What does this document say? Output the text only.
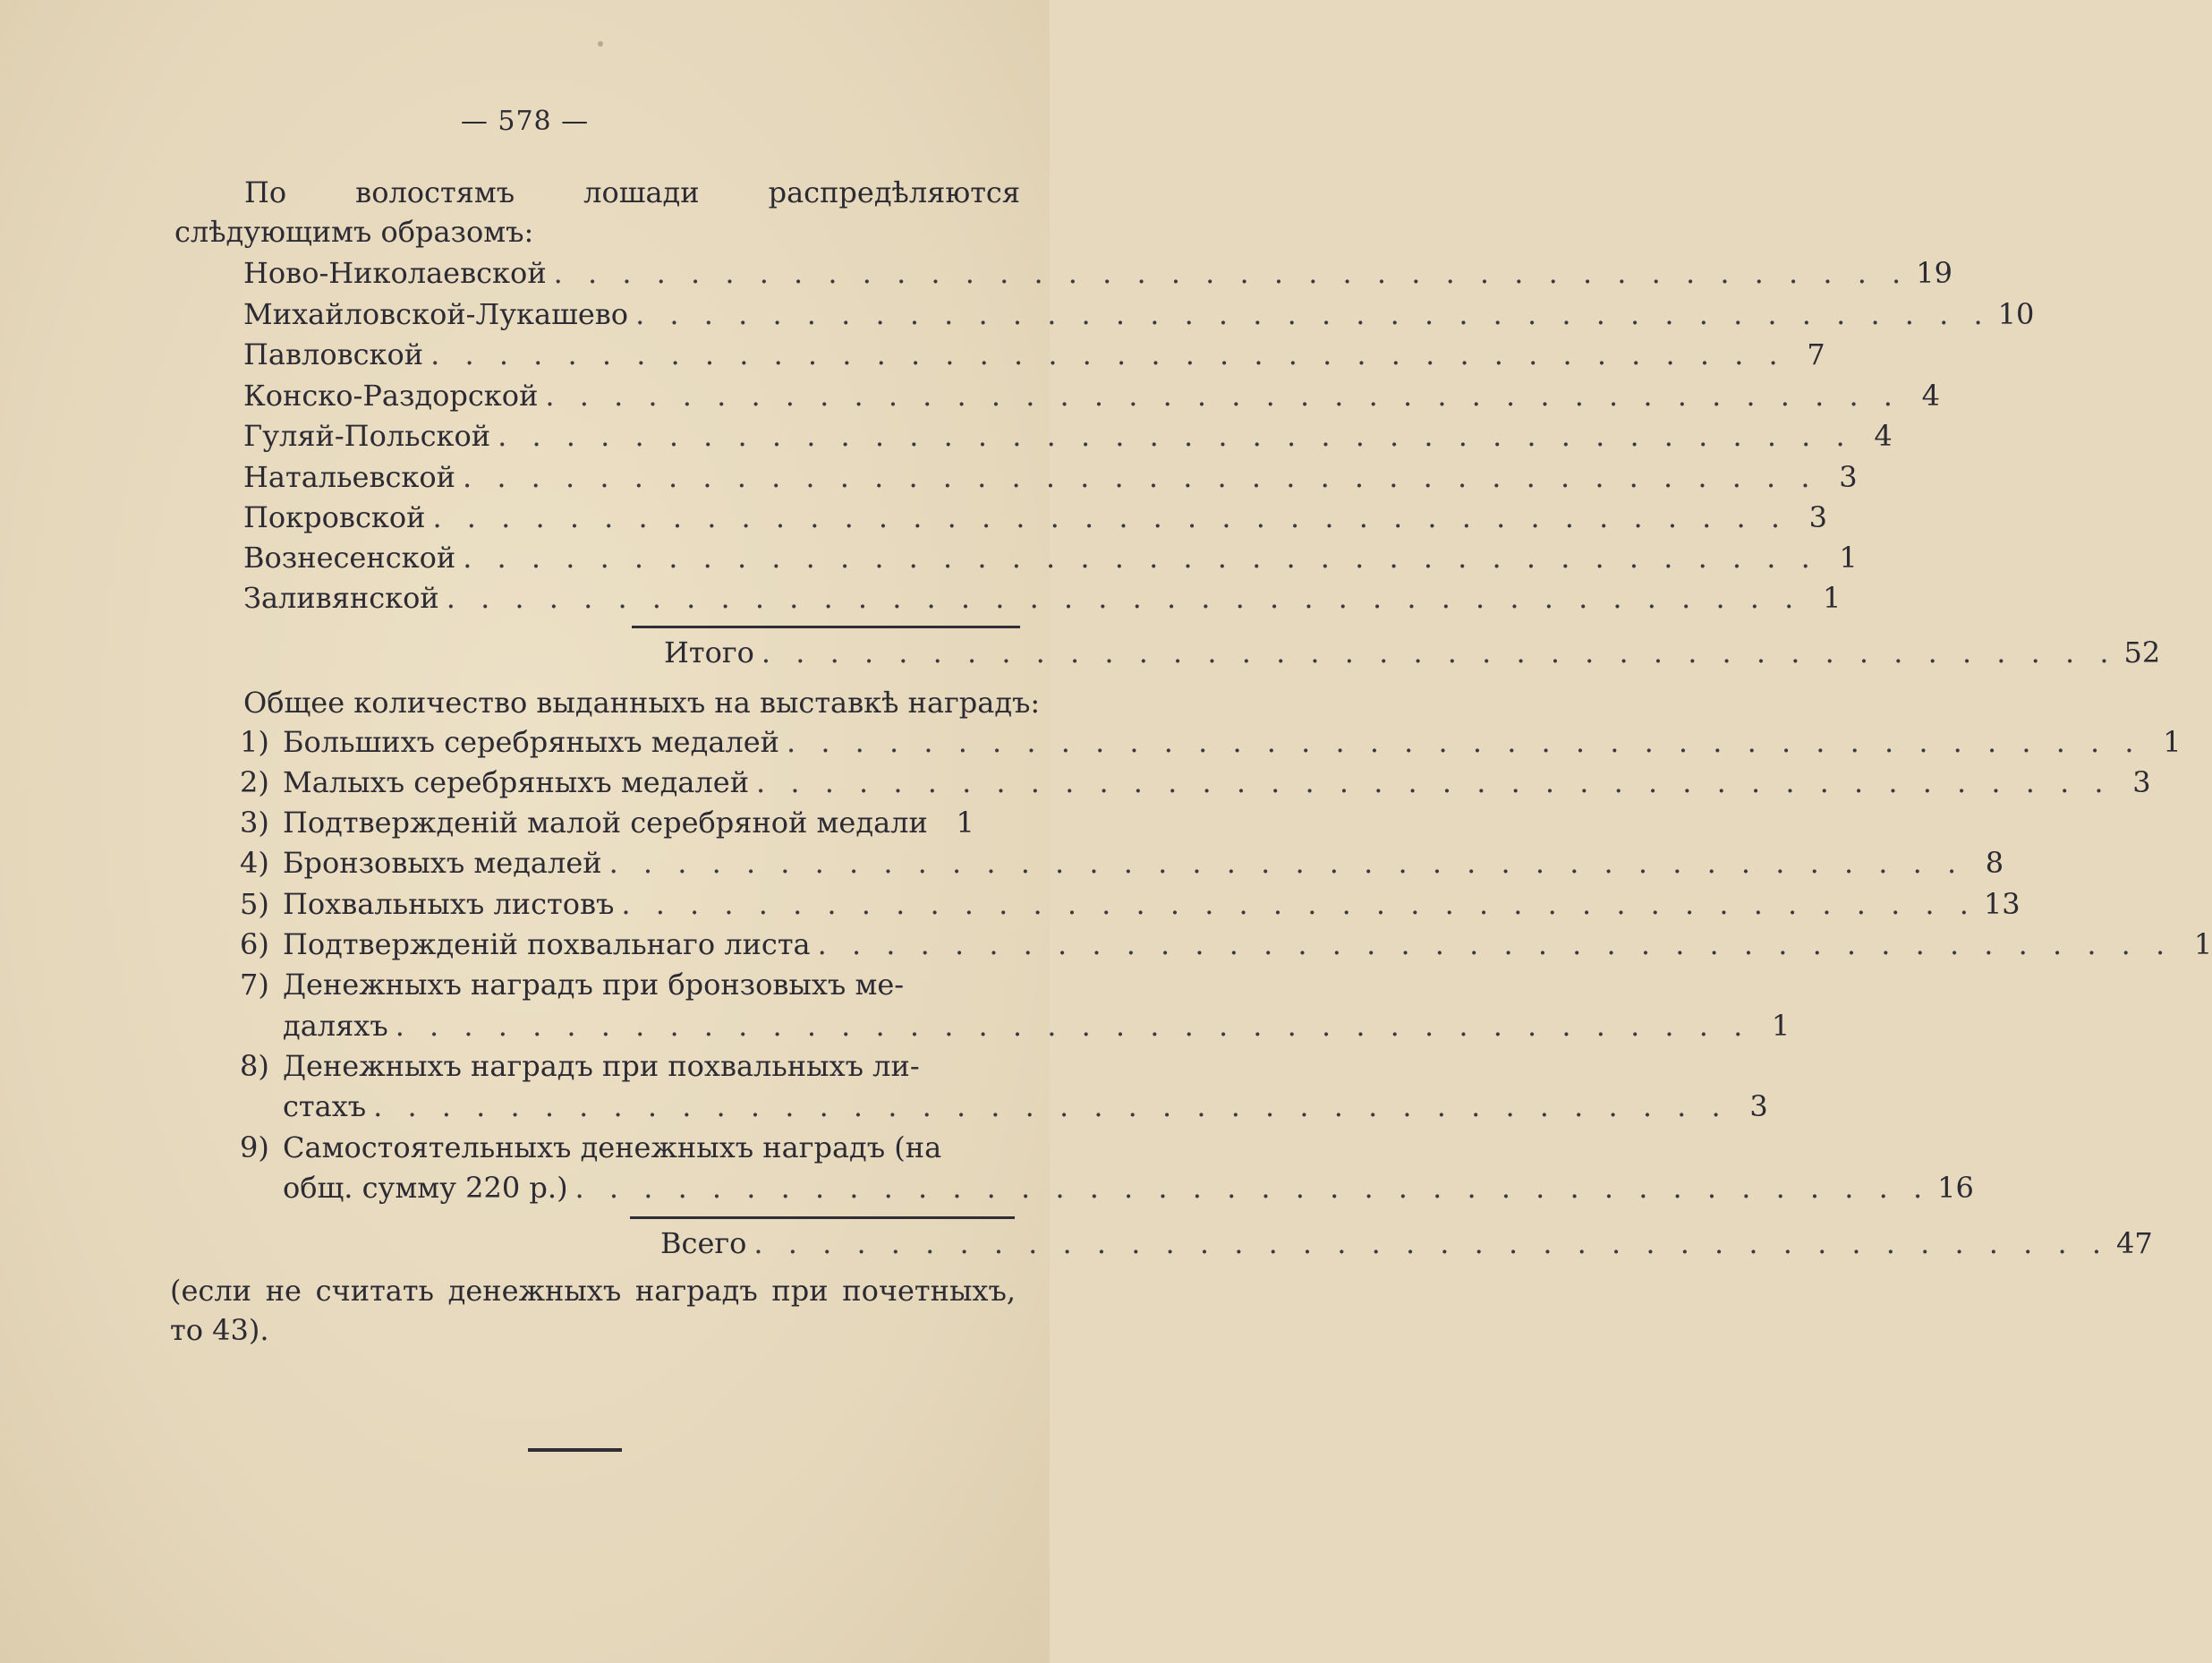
— 578 —
По волостямъ лошади распредѣляются слѣдующимъ образомъ:
Ново-Николаевской . . . . . . . . . . . . . . . . . . . . . . . . . . . . . . . . . . . . . . . . 19
Михайловской-Лукашево . . . . . . . . . . . . . . . . . . . . . . . . . . . . . . . . . . . . . . . . 10
Павловской . . . . . . . . . . . . . . . . . . . . . . . . . . . . . . . . . . . . . . . . 7
Конско-Раздорской . . . . . . . . . . . . . . . . . . . . . . . . . . . . . . . . . . . . . . . . 4
Гуляй-Польской . . . . . . . . . . . . . . . . . . . . . . . . . . . . . . . . . . . . . . . . 4
Натальевской . . . . . . . . . . . . . . . . . . . . . . . . . . . . . . . . . . . . . . . . 3
Покровской . . . . . . . . . . . . . . . . . . . . . . . . . . . . . . . . . . . . . . . . 3
Вознесенской . . . . . . . . . . . . . . . . . . . . . . . . . . . . . . . . . . . . . . . . 1
Заливянской . . . . . . . . . . . . . . . . . . . . . . . . . . . . . . . . . . . . . . . . 1
Итого . . . . . . . . . . . . . . . . . . . . . . . . . . . . . . . . . . . . . . . . 52
Общее количество выданныхъ на выставкѣ наградъ:
1) Большихъ серебряныхъ медалей . . . . . . . . . . . . . . . . . . . . . . . . . . . . . . . . . . . . . . . . 1
2) Малыхъ серебряныхъ медалей . . . . . . . . . . . . . . . . . . . . . . . . . . . . . . . . . . . . . . . . 3
3) Подтвержденій малой серебряной медали 1
4) Бронзовыхъ медалей . . . . . . . . . . . . . . . . . . . . . . . . . . . . . . . . . . . . . . . . 8
5) Похвальныхъ листовъ . . . . . . . . . . . . . . . . . . . . . . . . . . . . . . . . . . . . . . . . 13
6) Подтвержденій похвальнаго листа . . . . . . . . . . . . . . . . . . . . . . . . . . . . . . . . . . . . . . . . 1
7) Денежныхъ наградъ при бронзовыхъ ме-
даляхъ . . . . . . . . . . . . . . . . . . . . . . . . . . . . . . . . . . . . . . . . 1
8) Денежныхъ наградъ при похвальныхъ ли-
стахъ . . . . . . . . . . . . . . . . . . . . . . . . . . . . . . . . . . . . . . . . 3
9) Самостоятельныхъ денежныхъ наградъ (на
общ. сумму 220 р.) . . . . . . . . . . . . . . . . . . . . . . . . . . . . . . . . . . . . . . . . 16
Всего . . . . . . . . . . . . . . . . . . . . . . . . . . . . . . . . . . . . . . . . 47
(если не считать денежныхъ наградъ при почетныхъ, то 43).
